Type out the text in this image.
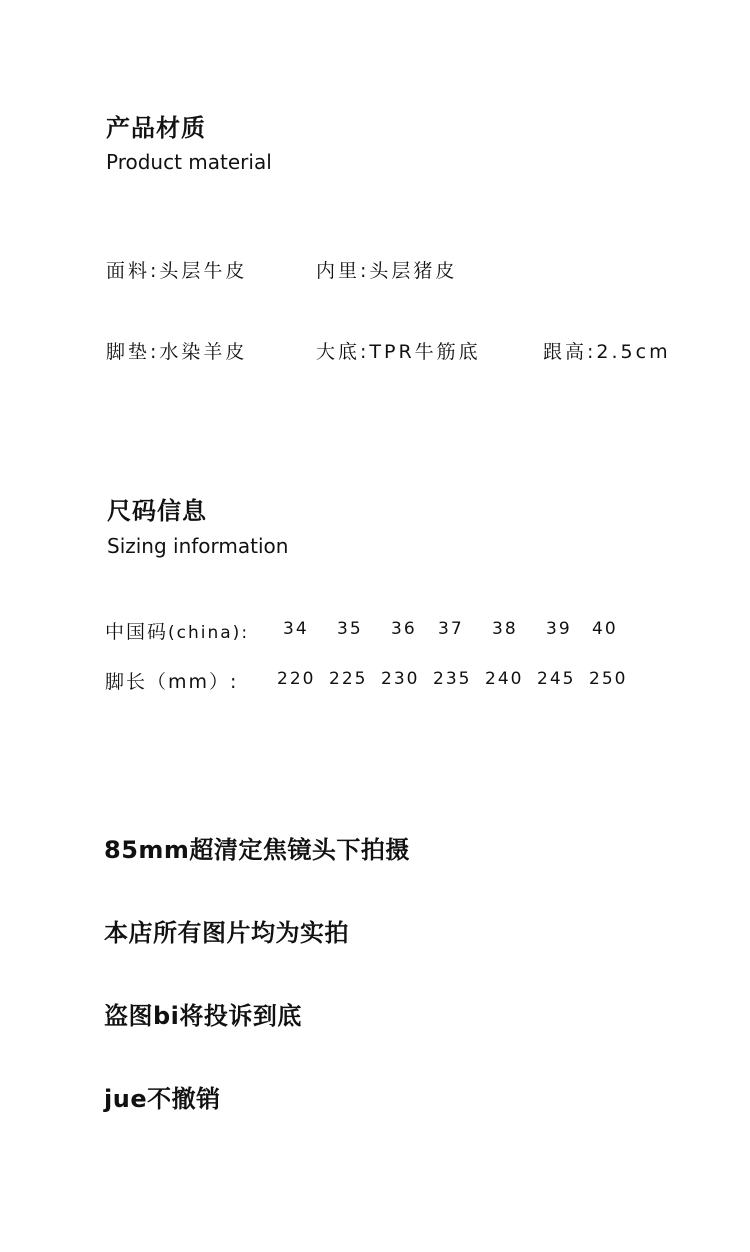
产品材质
Product material
面料:头层牛皮	内里:头层猪皮
脚垫:水染羊皮	大底:TPR牛筋底	跟高:2.5cm
尺码信息
Sizing information
中国码(china): 34 35 36 37 38 39 40
脚长（mm）: 220 225 230 235 240 245 250
85mm超清定焦镜头下拍摄
本店所有图片均为实拍
盗图bi将投诉到底
jue不撤销
